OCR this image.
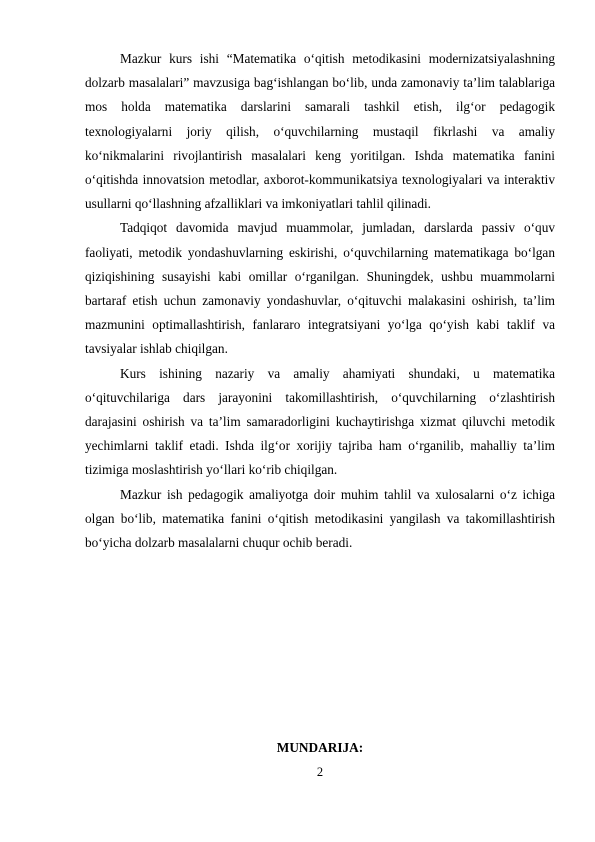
Mazkur kurs ishi “Matematika o‘qitish metodikasini modernizatsiyalashning dolzarb masalalari” mavzusiga bag‘ishlangan bo‘lib, unda zamonaviy ta’lim talablariga mos holda matematika darslarini samarali tashkil etish, ilg‘or pedagogik texnologiyalarni joriy qilish, o‘quvchilarning mustaqil fikrlashi va amaliy ko‘nikmalarini rivojlantirish masalalari keng yoritilgan. Ishda matematika fanini o‘qitishda innovatsion metodlar, axborot-kommunikatsiya texnologiyalari va interaktiv usullarni qo‘llashning afzalliklari va imkoniyatlari tahlil qilinadi.

Tadqiqot davomida mavjud muammolar, jumladan, darslarda passiv o‘quv faoliyati, metodik yondashuvlarning eskirishi, o‘quvchilarning matematikaga bo‘lgan qiziqishining susayishi kabi omillar o‘rganilgan. Shuningdek, ushbu muammolarni bartaraf etish uchun zamonaviy yondashuvlar, o‘qituvchi malakasini oshirish, ta’lim mazmunini optimallashtirish, fanlararo integratsiyani yo‘lga qo‘yish kabi taklif va tavsiyalar ishlab chiqilgan.

Kurs ishining nazariy va amaliy ahamiyati shundaki, u matematika o‘qituvchilariga dars jarayonini takomillashtirish, o‘quvchilarning o‘zlashtirish darajasini oshirish va ta’lim samaradorligini kuchaytirishga xizmat qiluvchi metodik yechimlarni taklif etadi. Ishda ilg‘or xorijiy tajriba ham o‘rganilib, mahalliy ta’lim tizimiga moslashtirish yo‘llari ko‘rib chiqilgan.

Mazkur ish pedagogik amaliyotga doir muhim tahlil va xulosalarni o‘z ichiga olgan bo‘lib, matematika fanini o‘qitish metodikasini yangilash va takomillashtirish bo‘yicha dolzarb masalalarni chuqur ochib beradi.

MUNDARIJA:

2
